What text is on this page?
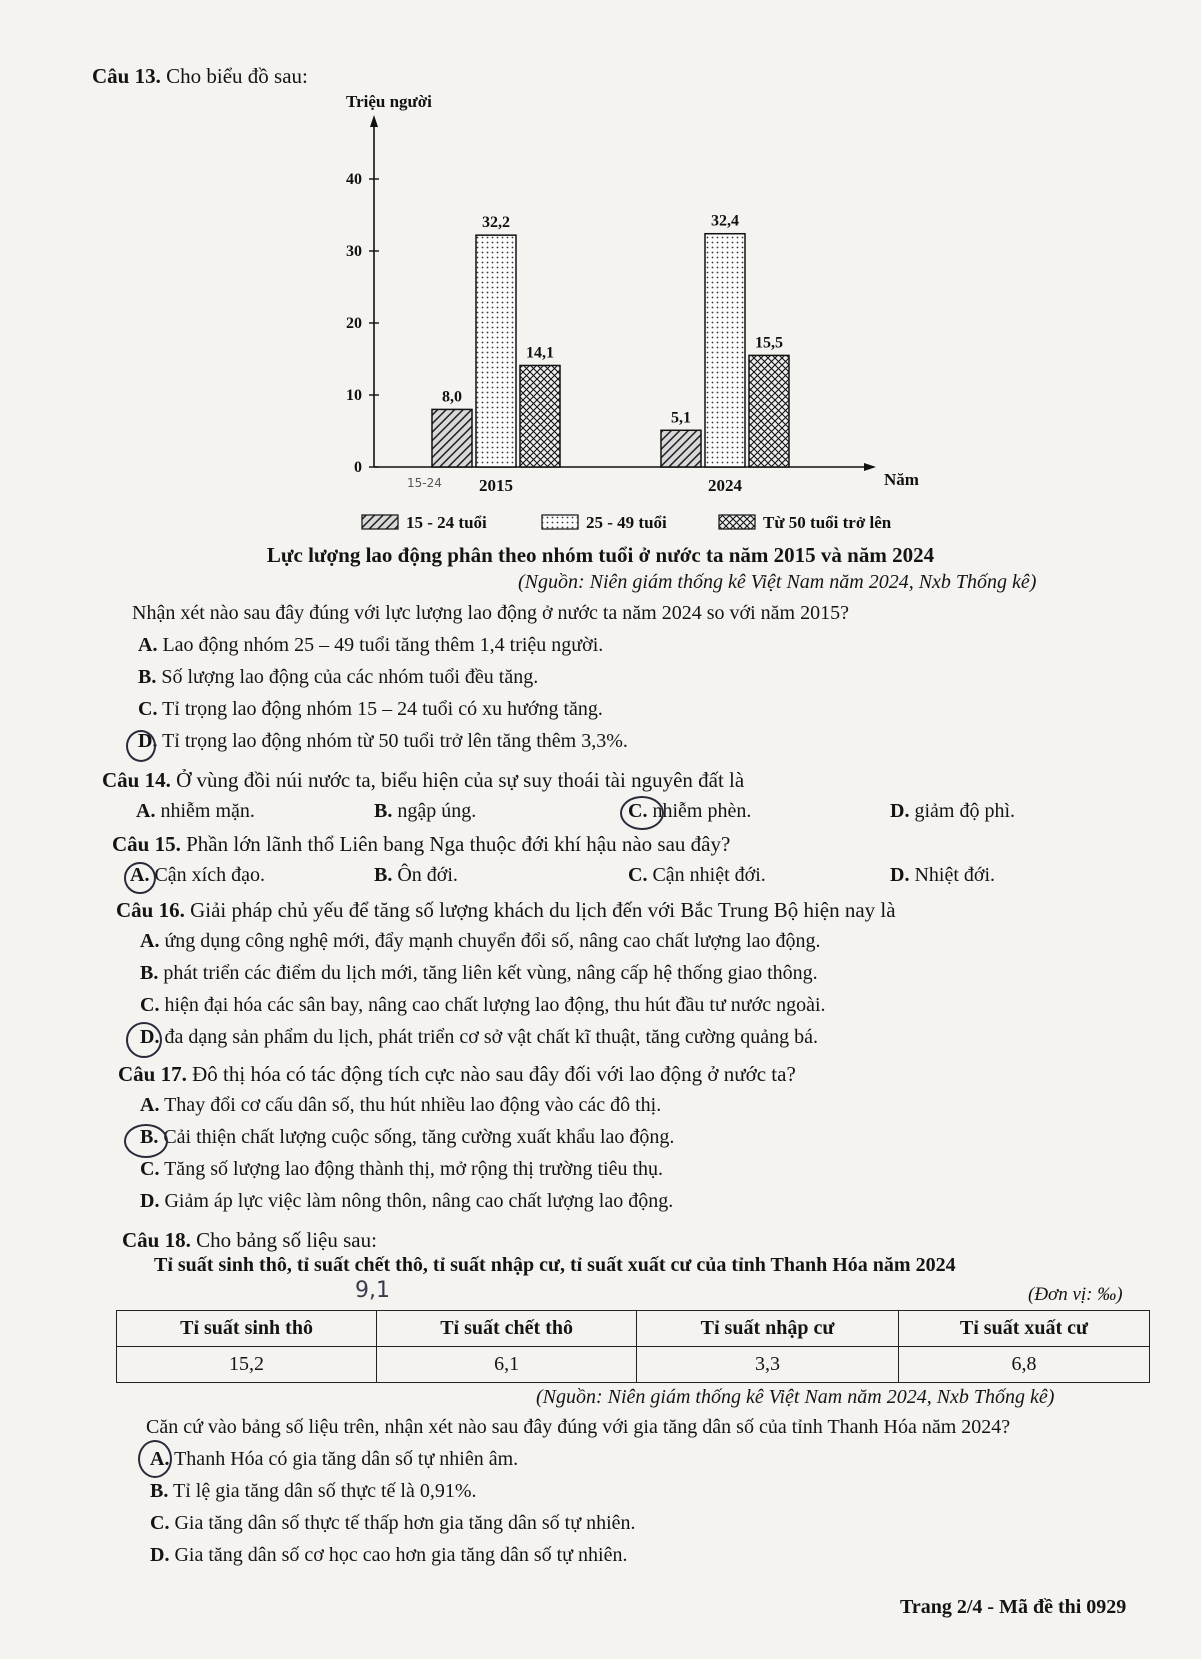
Câu 13. Cho biểu đồ sau:
0
10
20
30
40
Triệu người
Năm
8,0
32,2
14,1
2015
5,1
32,4
15,5
2024
15-24
15 - 24 tuổi	25 - 49 tuổi	Từ 50 tuổi trở lên
Lực lượng lao động phân theo nhóm tuổi ở nước ta năm 2015 và năm 2024
(Nguồn: Niên giám thống kê Việt Nam năm 2024, Nxb Thống kê)
Nhận xét nào sau đây đúng với lực lượng lao động ở nước ta năm 2024 so với năm 2015?
A. Lao động nhóm 25 – 49 tuổi tăng thêm 1,4 triệu người.
B. Số lượng lao động của các nhóm tuổi đều tăng.
C. Tỉ trọng lao động nhóm 15 – 24 tuổi có xu hướng tăng.
D. Tỉ trọng lao động nhóm từ 50 tuổi trở lên tăng thêm 3,3%.
Câu 14. Ở vùng đồi núi nước ta, biểu hiện của sự suy thoái tài nguyên đất là
A. nhiễm mặn.	B. ngập úng.	C. nhiễm phèn.	D. giảm độ phì.
Câu 15. Phần lớn lãnh thổ Liên bang Nga thuộc đới khí hậu nào sau đây?
A. Cận xích đạo.	B. Ôn đới.	C. Cận nhiệt đới.	D. Nhiệt đới.
Câu 16. Giải pháp chủ yếu để tăng số lượng khách du lịch đến với Bắc Trung Bộ hiện nay là
A. ứng dụng công nghệ mới, đẩy mạnh chuyển đổi số, nâng cao chất lượng lao động.
B. phát triển các điểm du lịch mới, tăng liên kết vùng, nâng cấp hệ thống giao thông.
C. hiện đại hóa các sân bay, nâng cao chất lượng lao động, thu hút đầu tư nước ngoài.
D. đa dạng sản phẩm du lịch, phát triển cơ sở vật chất kĩ thuật, tăng cường quảng bá.
Câu 17. Đô thị hóa có tác động tích cực nào sau đây đối với lao động ở nước ta?
A. Thay đổi cơ cấu dân số, thu hút nhiều lao động vào các đô thị.
B. Cải thiện chất lượng cuộc sống, tăng cường xuất khẩu lao động.
C. Tăng số lượng lao động thành thị, mở rộng thị trường tiêu thụ.
D. Giảm áp lực việc làm nông thôn, nâng cao chất lượng lao động.
Câu 18. Cho bảng số liệu sau:
Tỉ suất sinh thô, tỉ suất chết thô, tỉ suất nhập cư, tỉ suất xuất cư của tỉnh Thanh Hóa năm 2024
9,1	(Đơn vị: ‰)
Tỉ suất sinh thô	Tỉ suất chết thô	Tỉ suất nhập cư	Tỉ suất xuất cư
15,2	6,1	3,3	6,8
(Nguồn: Niên giám thống kê Việt Nam năm 2024, Nxb Thống kê)
Căn cứ vào bảng số liệu trên, nhận xét nào sau đây đúng với gia tăng dân số của tỉnh Thanh Hóa năm 2024?
A. Thanh Hóa có gia tăng dân số tự nhiên âm.
B. Tỉ lệ gia tăng dân số thực tế là 0,91%.
C. Gia tăng dân số thực tế thấp hơn gia tăng dân số tự nhiên.
D. Gia tăng dân số cơ học cao hơn gia tăng dân số tự nhiên.
Trang 2/4 - Mã đề thi 0929
